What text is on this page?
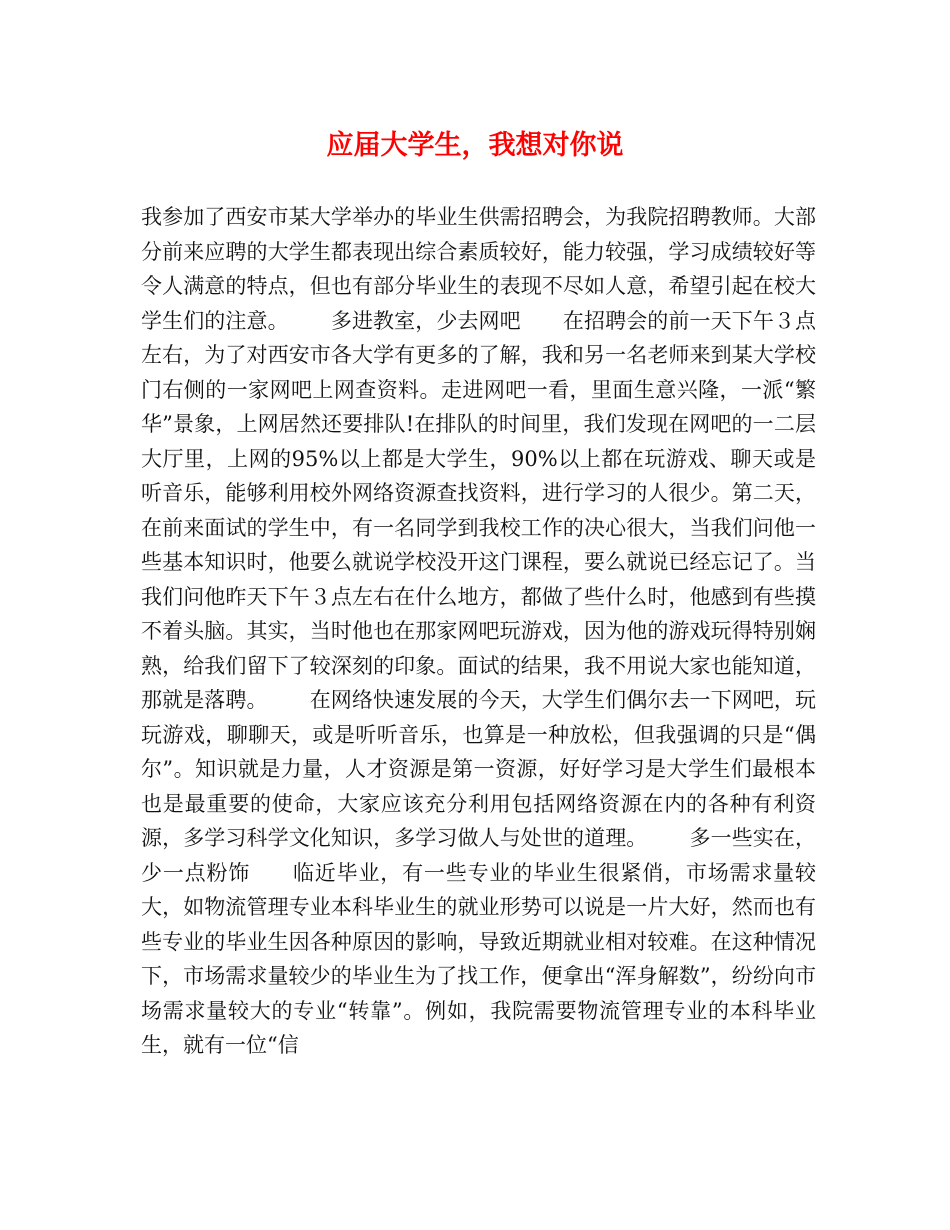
应届大学生，我想对你说

我参加了西安市某大学举办的毕业生供需招聘会，为我院招聘教师。大部分前来应聘的大学生都表现出综合素质较好，能力较强，学习成绩较好等令人满意的特点，但也有部分毕业生的表现不尽如人意，希望引起在校大学生们的注意。 多进教室，少去网吧 在招聘会的前一天下午３点左右，为了对西安市各大学有更多的了解，我和另一名老师来到某大学校门右侧的一家网吧上网查资料。走进网吧一看，里面生意兴隆，一派“繁华”景象，上网居然还要排队!在排队的时间里，我们发现在网吧的一二层大厅里，上网的95%以上都是大学生，90%以上都在玩游戏、聊天或是听音乐，能够利用校外网络资源查找资料，进行学习的人很少。第二天，在前来面试的学生中，有一名同学到我校工作的决心很大，当我们问他一些基本知识时，他要么就说学校没开这门课程，要么就说已经忘记了。当我们问他昨天下午３点左右在什么地方，都做了些什么时，他感到有些摸不着头脑。其实，当时他也在那家网吧玩游戏，因为他的游戏玩得特别娴熟，给我们留下了较深刻的印象。面试的结果，我不用说大家也能知道，那就是落聘。 在网络快速发展的今天，大学生们偶尔去一下网吧，玩玩游戏，聊聊天，或是听听音乐，也算是一种放松，但我强调的只是“偶尔”。知识就是力量，人才资源是第一资源，好好学习是大学生们最根本也是最重要的使命，大家应该充分利用包括网络资源在内的各种有利资源，多学习科学文化知识，多学习做人与处世的道理。 多一些实在，少一点粉饰 临近毕业，有一些专业的毕业生很紧俏，市场需求量较大，如物流管理专业本科毕业生的就业形势可以说是一片大好，然而也有些专业的毕业生因各种原因的影响，导致近期就业相对较难。在这种情况下，市场需求量较少的毕业生为了找工作，便拿出“浑身解数”，纷纷向市场需求量较大的专业“转靠”。例如，我院需要物流管理专业的本科毕业生，就有一位“信
